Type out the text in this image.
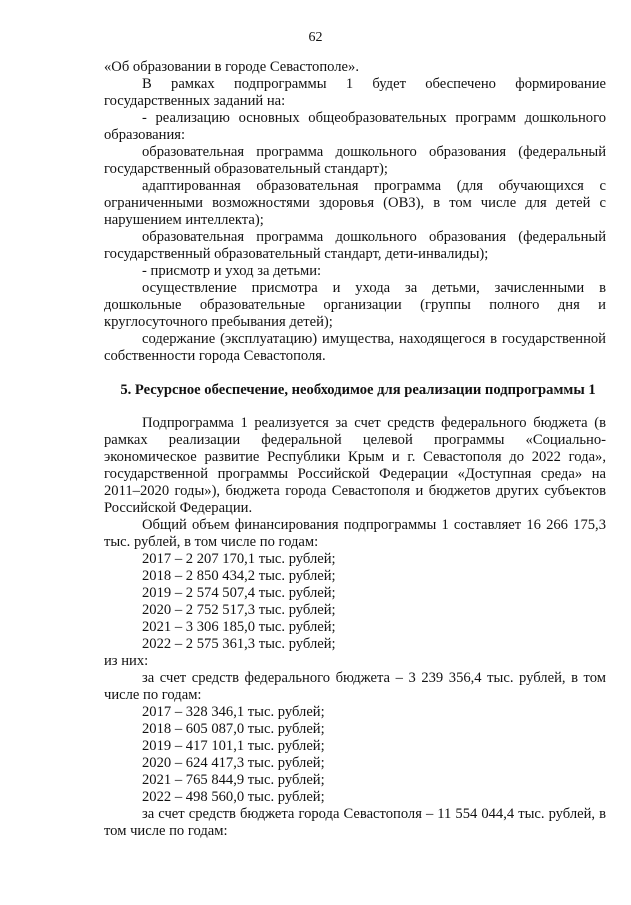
62

«Об образовании в городе Севастополе».

В рамках подпрограммы 1 будет обеспечено формирование государственных заданий на:

- реализацию основных общеобразовательных программ дошкольного образования:

образовательная программа дошкольного образования (федеральный государственный образовательный стандарт);

адаптированная образовательная программа (для обучающихся с ограниченными возможностями здоровья (ОВЗ), в том числе для детей с нарушением интеллекта);

образовательная программа дошкольного образования (федеральный государственный образовательный стандарт, дети-инвалиды);

- присмотр и уход за детьми:

осуществление присмотра и ухода за детьми, зачисленными в дошкольные образовательные организации (группы полного дня и круглосуточного пребывания детей);

содержание (эксплуатацию) имущества, находящегося в государственной собственности города Севастополя.

5. Ресурсное обеспечение, необходимое для реализации подпрограммы 1

Подпрограмма 1 реализуется за счет средств федерального бюджета (в рамках реализации федеральной целевой программы «Социально-экономическое развитие Республики Крым и г. Севастополя до 2022 года», государственной программы Российской Федерации «Доступная среда» на 2011–2020 годы»), бюджета города Севастополя и бюджетов других субъектов Российской Федерации.

Общий объем финансирования подпрограммы 1 составляет 16 266 175,3 тыс. рублей, в том числе по годам:

2017 – 2 207 170,1 тыс. рублей;

2018 – 2 850 434,2 тыс. рублей;

2019 – 2 574 507,4 тыс. рублей;

2020 – 2 752 517,3 тыс. рублей;

2021 – 3 306 185,0 тыс. рублей;

2022 – 2 575 361,3 тыс. рублей;

из них:

за счет средств федерального бюджета – 3 239 356,4 тыс. рублей, в том числе по годам:

2017 – 328 346,1 тыс. рублей;

2018 – 605 087,0 тыс. рублей;

2019 – 417 101,1 тыс. рублей;

2020 – 624 417,3 тыс. рублей;

2021 – 765 844,9 тыс. рублей;

2022 – 498 560,0 тыс. рублей;

за счет средств бюджета города Севастополя – 11 554 044,4 тыс. рублей, в том числе по годам:
